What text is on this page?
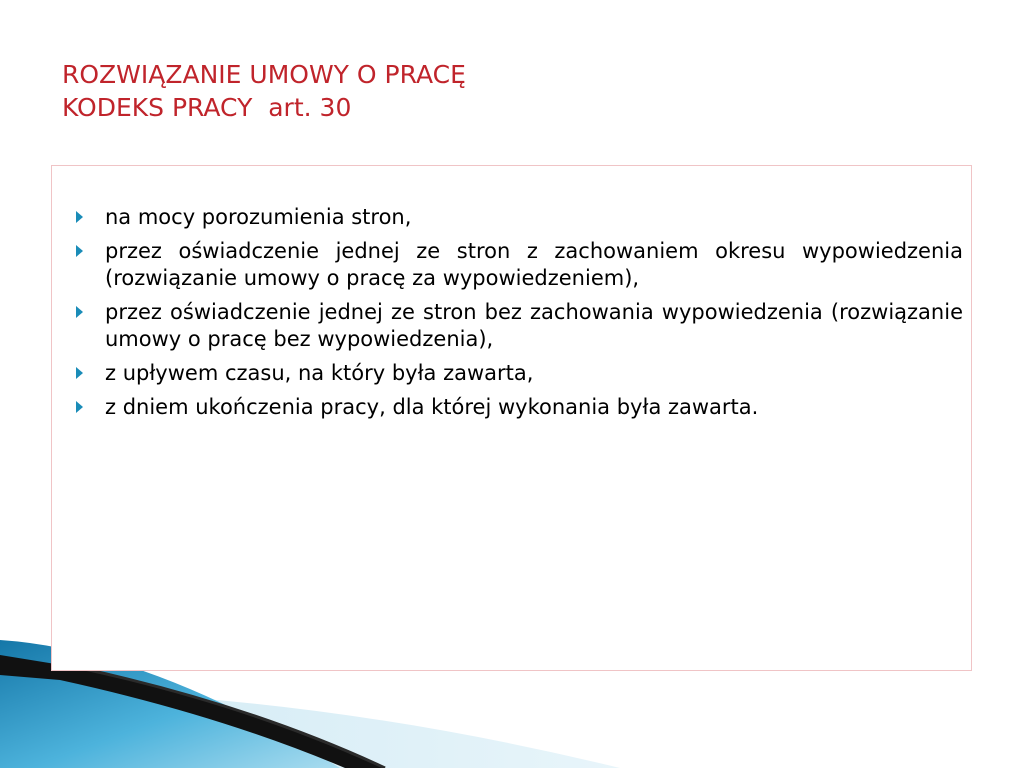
ROZWIĄZANIE UMOWY O PRACĘ
KODEKS PRACY  art. 30
na mocy porozumienia stron,
przez oświadczenie jednej ze stron z zachowaniem okresu wypowiedzenia (rozwiązanie umowy o pracę za wypowiedzeniem),
przez oświadczenie jednej ze stron bez zachowania wypowiedzenia (rozwiązanie umowy o pracę bez wypowiedzenia),
z upływem czasu, na który była zawarta,
z dniem ukończenia pracy, dla której wykonania była zawarta.
